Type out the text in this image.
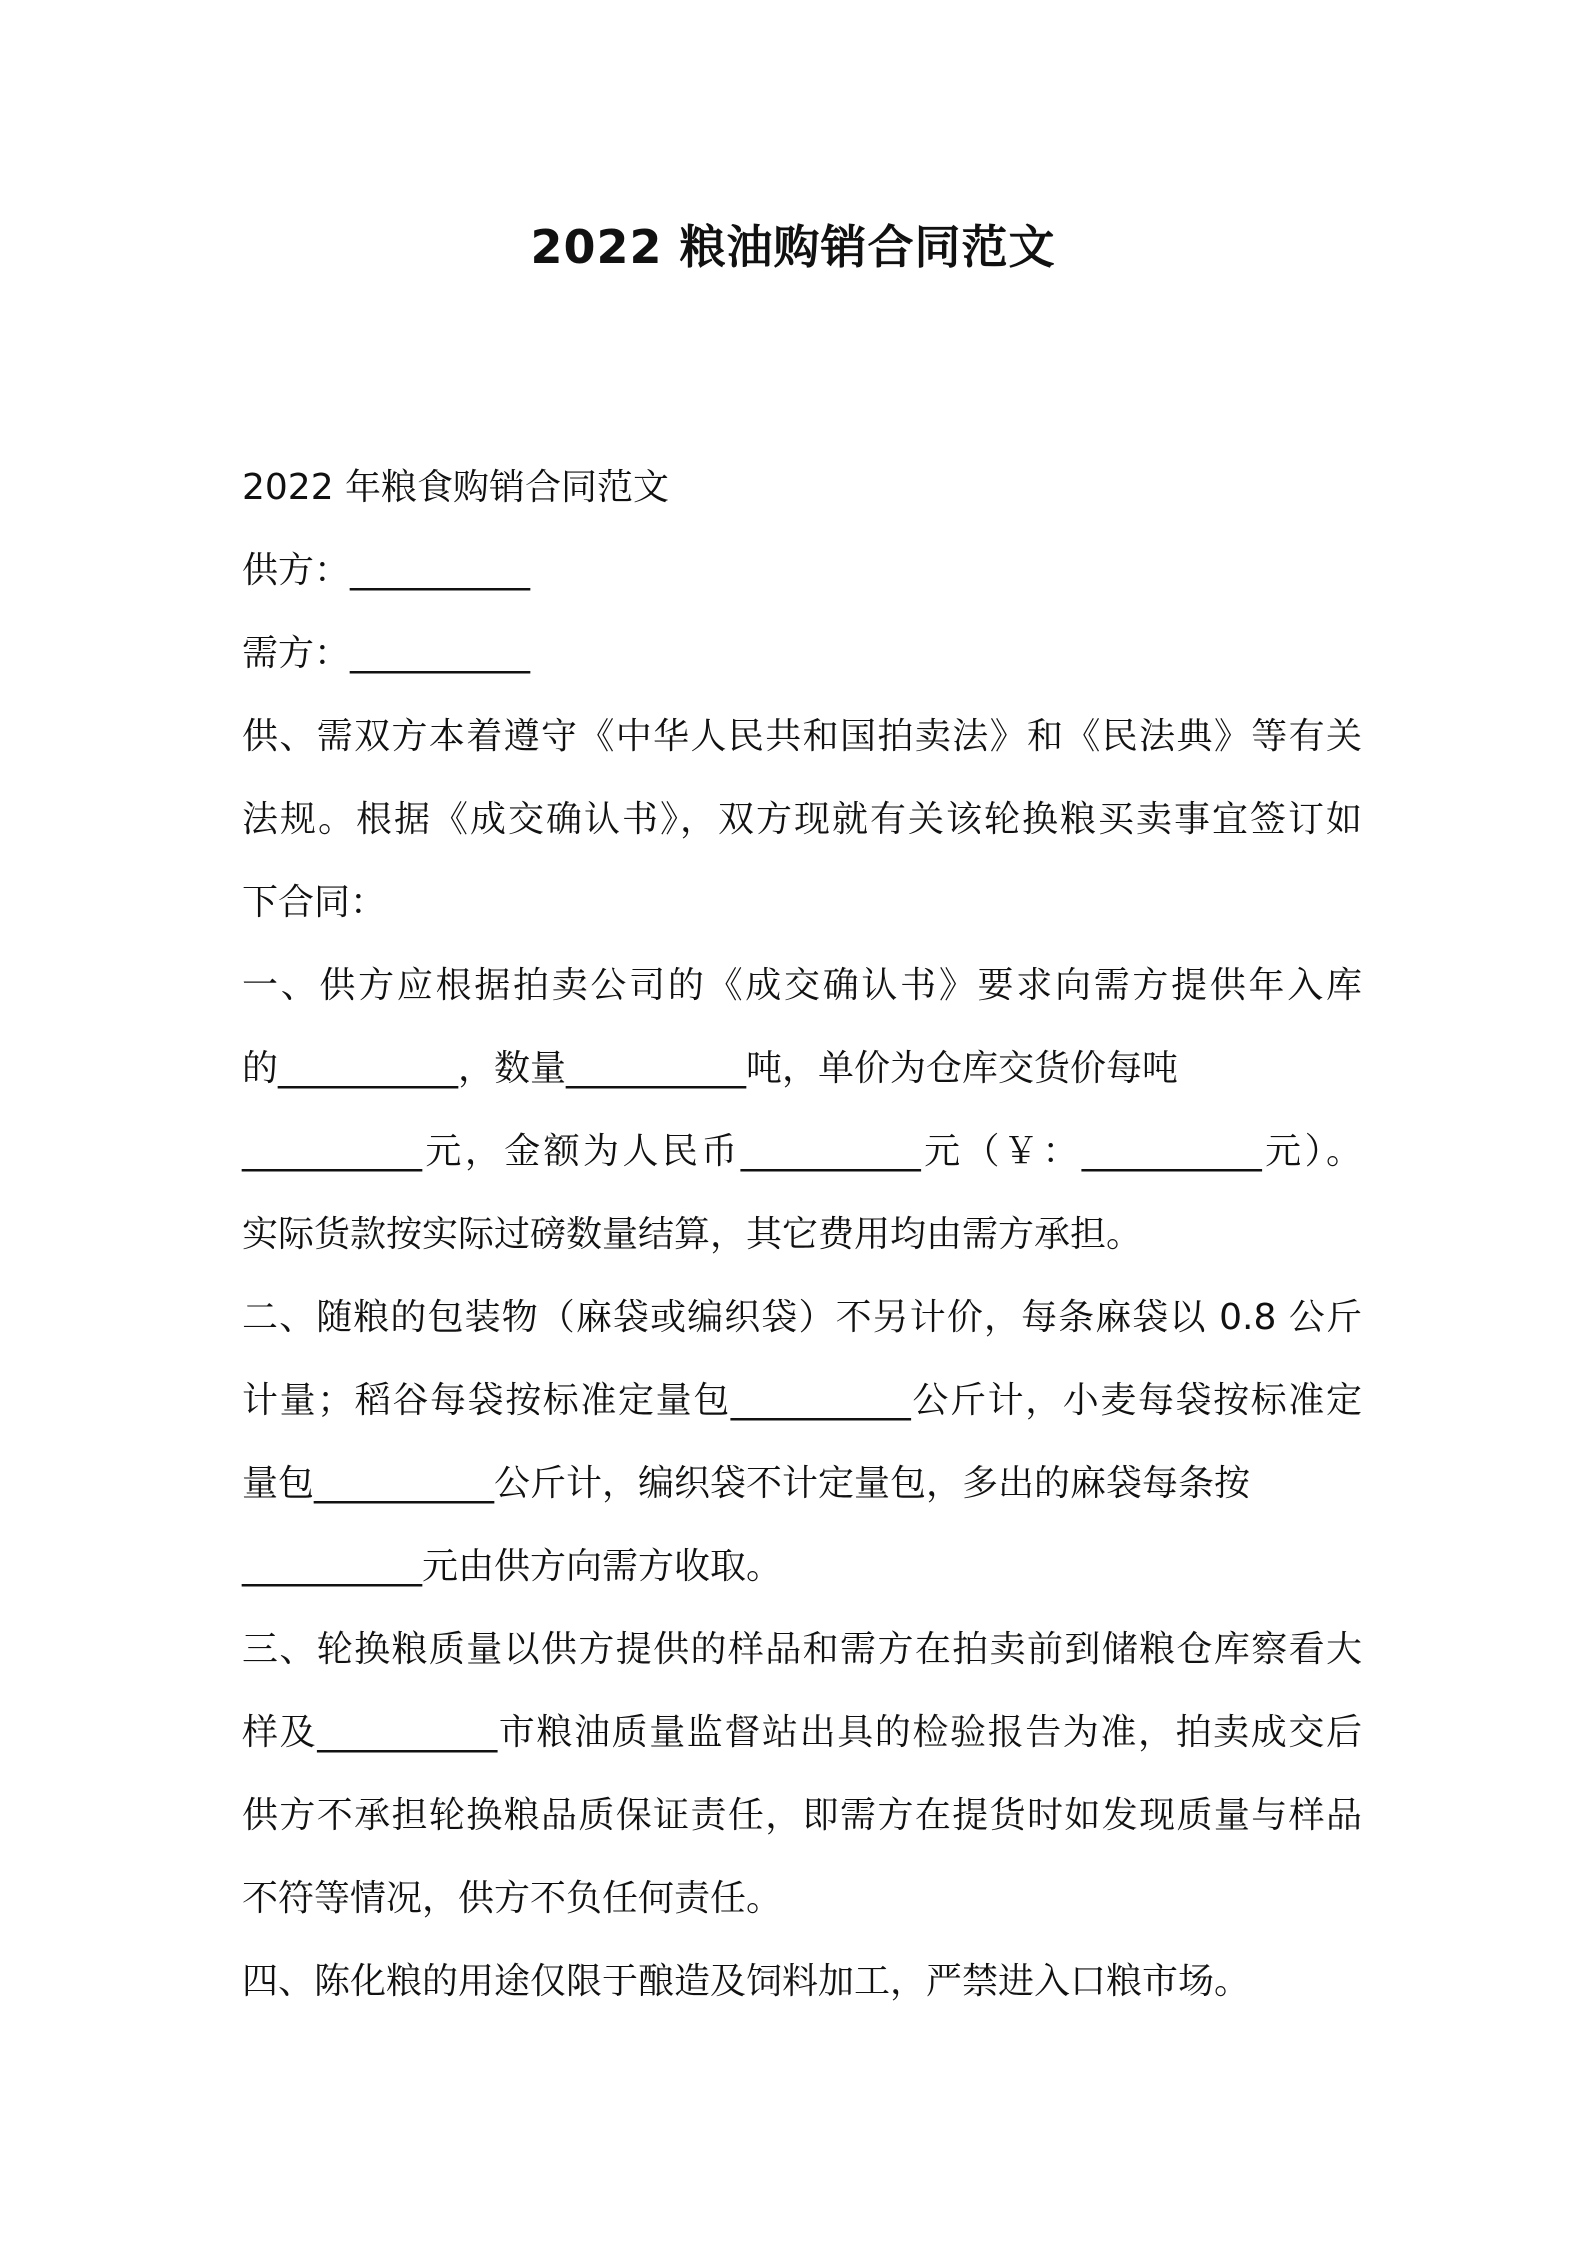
2022 粮油购销合同范文
2022 年粮食购销合同范文
供方：__________
需方：__________
供、需双方本着遵守《中华人民共和国拍卖法》和《民法典》等有关
法规。根据《成交确认书》，双方现就有关该轮换粮买卖事宜签订如
下合同：
一、供方应根据拍卖公司的《成交确认书》要求向需方提供年入库
的__________，数量__________吨，单价为仓库交货价每吨
__________元，金额为人民币__________元（￥：__________元）。
实际货款按实际过磅数量结算，其它费用均由需方承担。
二、随粮的包装物（麻袋或编织袋）不另计价，每条麻袋以 0.8 公斤
计量；稻谷每袋按标准定量包__________公斤计，小麦每袋按标准定
量包__________公斤计，编织袋不计定量包，多出的麻袋每条按
__________元由供方向需方收取。
三、轮换粮质量以供方提供的样品和需方在拍卖前到储粮仓库察看大
样及__________市粮油质量监督站出具的检验报告为准，拍卖成交后
供方不承担轮换粮品质保证责任，即需方在提货时如发现质量与样品
不符等情况，供方不负任何责任。
四、陈化粮的用途仅限于酿造及饲料加工，严禁进入口粮市场。
